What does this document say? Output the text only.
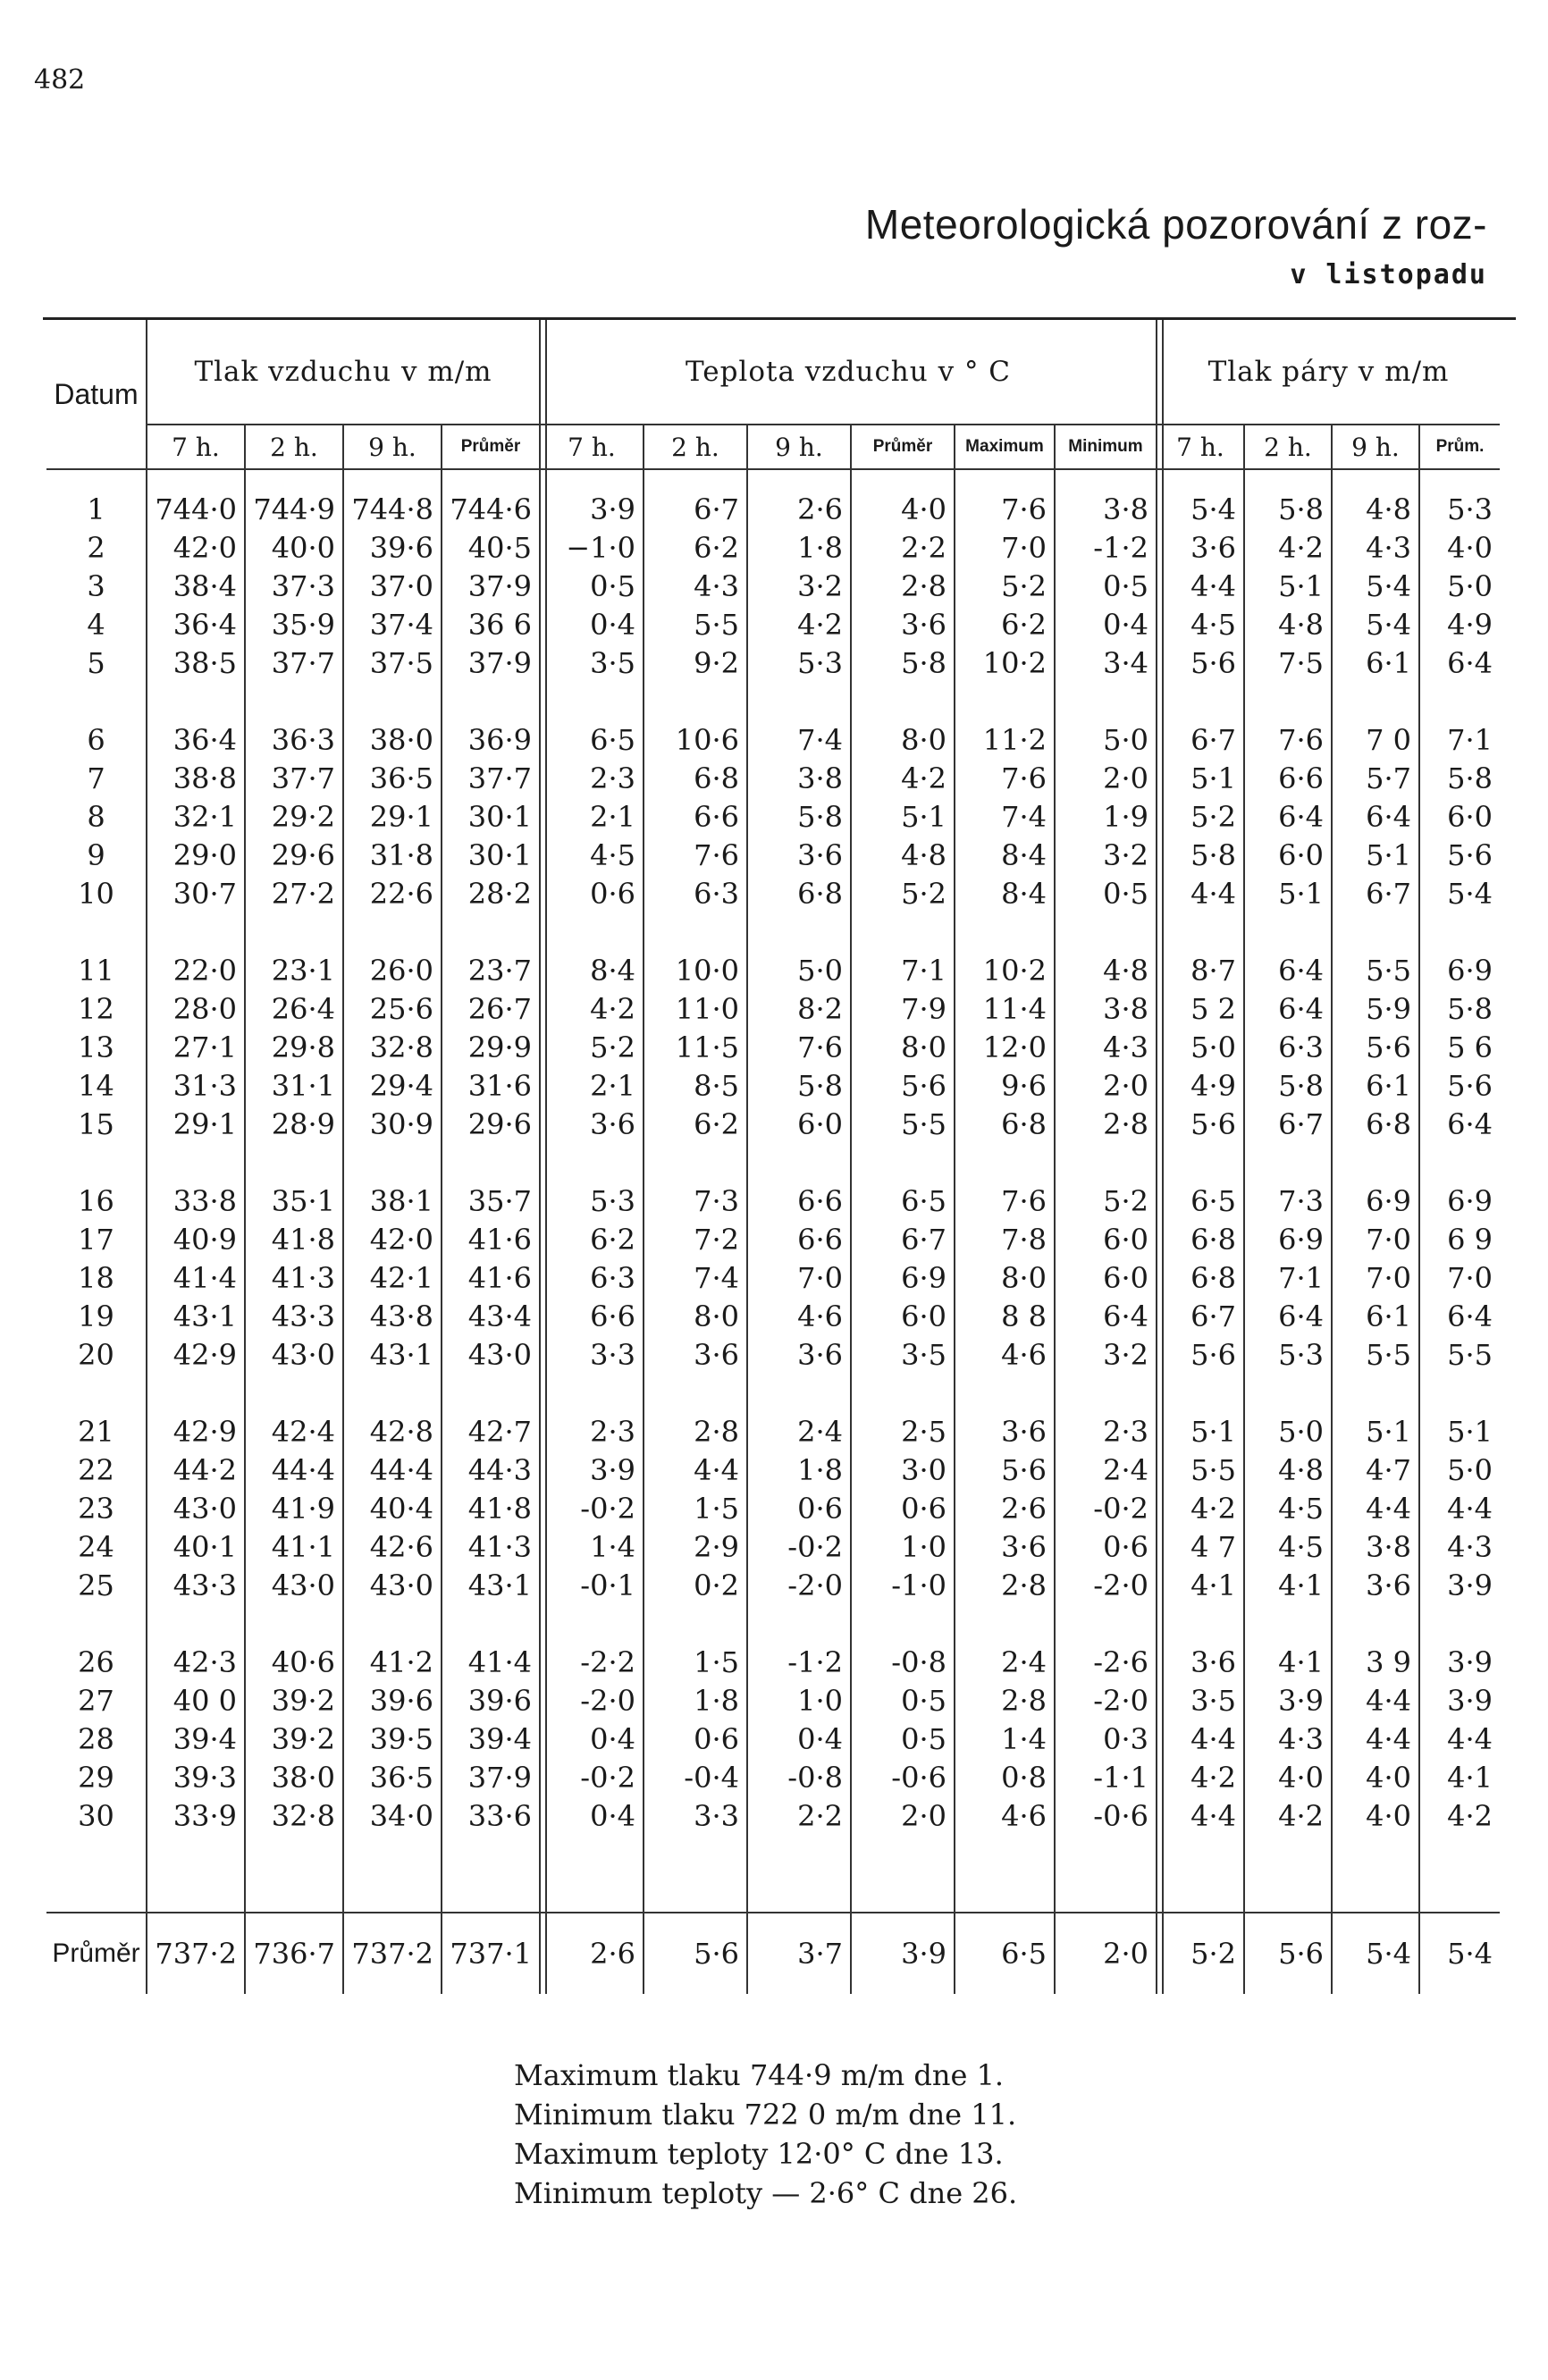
482
Meteorologická pozorování z roz-
v listopadu
Datum	Tlak vzduchu v m/m				Teplota vzduchu v ° C						Tlak páry v m/m			
	7 h.	2 h.	9 h.	Průměr	7 h.	2 h.	9 h.	Průměr	Maximum	Minimum	7 h.	2 h.	9 h.	Prům.

1	744·0	744·9	744·8	744·6	3·9	6·7	2·6	4·0	7·6	3·8	5·4	5·8	4·8	5·3
2	42·0	40·0	39·6	40·5	−1·0	6·2	1·8	2·2	7·0	-1·2	3·6	4·2	4·3	4·0
3	38·4	37·3	37·0	37·9	0·5	4·3	3·2	2·8	5·2	0·5	4·4	5·1	5·4	5·0
4	36·4	35·9	37·4	36 6	0·4	5·5	4·2	3·6	6·2	0·4	4·5	4·8	5·4	4·9
5	38·5	37·7	37·5	37·9	3·5	9·2	5·3	5·8	10·2	3·4	5·6	7·5	6·1	6·4

6	36·4	36·3	38·0	36·9	6·5	10·6	7·4	8·0	11·2	5·0	6·7	7·6	7 0	7·1
7	38·8	37·7	36·5	37·7	2·3	6·8	3·8	4·2	7·6	2·0	5·1	6·6	5·7	5·8
8	32·1	29·2	29·1	30·1	2·1	6·6	5·8	5·1	7·4	1·9	5·2	6·4	6·4	6·0
9	29·0	29·6	31·8	30·1	4·5	7·6	3·6	4·8	8·4	3·2	5·8	6·0	5·1	5·6
10	30·7	27·2	22·6	28·2	0·6	6·3	6·8	5·2	8·4	0·5	4·4	5·1	6·7	5·4

11	22·0	23·1	26·0	23·7	8·4	10·0	5·0	7·1	10·2	4·8	8·7	6·4	5·5	6·9
12	28·0	26·4	25·6	26·7	4·2	11·0	8·2	7·9	11·4	3·8	5 2	6·4	5·9	5·8
13	27·1	29·8	32·8	29·9	5·2	11·5	7·6	8·0	12·0	4·3	5·0	6·3	5·6	5 6
14	31·3	31·1	29·4	31·6	2·1	8·5	5·8	5·6	9·6	2·0	4·9	5·8	6·1	5·6
15	29·1	28·9	30·9	29·6	3·6	6·2	6·0	5·5	6·8	2·8	5·6	6·7	6·8	6·4

16	33·8	35·1	38·1	35·7	5·3	7·3	6·6	6·5	7·6	5·2	6·5	7·3	6·9	6·9
17	40·9	41·8	42·0	41·6	6·2	7·2	6·6	6·7	7·8	6·0	6·8	6·9	7·0	6 9
18	41·4	41·3	42·1	41·6	6·3	7·4	7·0	6·9	8·0	6·0	6·8	7·1	7·0	7·0
19	43·1	43·3	43·8	43·4	6·6	8·0	4·6	6·0	8 8	6·4	6·7	6·4	6·1	6·4
20	42·9	43·0	43·1	43·0	3·3	3·6	3·6	3·5	4·6	3·2	5·6	5·3	5·5	5·5

21	42·9	42·4	42·8	42·7	2·3	2·8	2·4	2·5	3·6	2·3	5·1	5·0	5·1	5·1
22	44·2	44·4	44·4	44·3	3·9	4·4	1·8	3·0	5·6	2·4	5·5	4·8	4·7	5·0
23	43·0	41·9	40·4	41·8	-0·2	1·5	0·6	0·6	2·6	-0·2	4·2	4·5	4·4	4·4
24	40·1	41·1	42·6	41·3	1·4	2·9	-0·2	1·0	3·6	0·6	4 7	4·5	3·8	4·3
25	43·3	43·0	43·0	43·1	-0·1	0·2	-2·0	-1·0	2·8	-2·0	4·1	4·1	3·6	3·9

26	42·3	40·6	41·2	41·4	-2·2	1·5	-1·2	-0·8	2·4	-2·6	3·6	4·1	3 9	3·9
27	40 0	39·2	39·6	39·6	-2·0	1·8	1·0	0·5	2·8	-2·0	3·5	3·9	4·4	3·9
28	39·4	39·2	39·5	39·4	0·4	0·6	0·4	0·5	1·4	0·3	4·4	4·3	4·4	4·4
29	39·3	38·0	36·5	37·9	-0·2	-0·4	-0·8	-0·6	0·8	-1·1	4·2	4·0	4·0	4·1
30	33·9	32·8	34·0	33·6	0·4	3·3	2·2	2·0	4·6	-0·6	4·4	4·2	4·0	4·2

Průměr	737·2	736·7	737·2	737·1	2·6	5·6	3·7	3·9	6·5	2·0	5·2	5·6	5·4	5·4
Maximum tlaku 744·9 m/m dne 1.
Minimum tlaku 722 0 m/m dne 11.
Maximum teploty 12·0° C dne 13.
Minimum teploty — 2·6° C dne 26.
